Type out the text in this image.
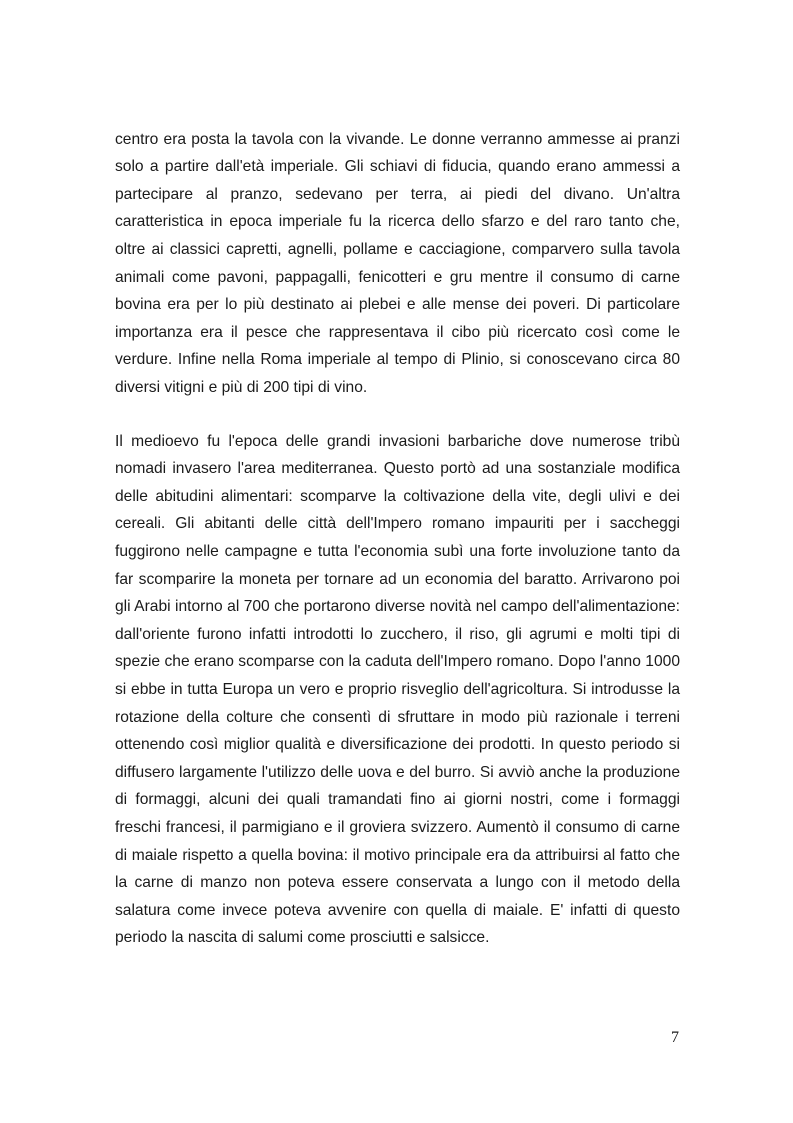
centro era posta la tavola con la vivande. Le donne verranno ammesse ai pranzi solo a partire dall'età imperiale. Gli schiavi di fiducia, quando erano ammessi a partecipare al pranzo, sedevano per terra, ai piedi del divano. Un'altra caratteristica in epoca imperiale fu la ricerca dello sfarzo e del raro tanto che, oltre ai classici capretti, agnelli, pollame e cacciagione, comparvero sulla tavola animali come pavoni, pappagalli, fenicotteri e gru mentre il consumo di carne bovina era per lo più destinato ai plebei e alle mense dei poveri. Di particolare importanza era il pesce che rappresentava il cibo più ricercato così come le verdure. Infine nella Roma imperiale al tempo di Plinio, si conoscevano circa 80 diversi vitigni e più di 200 tipi di vino.

Il medioevo fu l'epoca delle grandi invasioni barbariche dove numerose tribù nomadi invasero l'area mediterranea. Questo portò ad una sostanziale modifica delle abitudini alimentari: scomparve la coltivazione della vite, degli ulivi e dei cereali. Gli abitanti delle città dell'Impero romano impauriti per i saccheggi fuggirono nelle campagne e tutta l'economia subì una forte involuzione tanto da far scomparire la moneta per tornare ad un economia del baratto. Arrivarono poi gli Arabi intorno al 700 che portarono diverse novità nel campo dell'alimentazione: dall'oriente furono infatti introdotti lo zucchero, il riso, gli agrumi e molti tipi di spezie che erano scomparse con la caduta dell'Impero romano. Dopo l'anno 1000 si ebbe in tutta Europa un vero e proprio risveglio dell'agricoltura. Si introdusse la rotazione della colture che consentì di sfruttare in modo più razionale i terreni ottenendo così miglior qualità e diversificazione dei prodotti. In questo periodo si diffusero largamente l'utilizzo delle uova e del burro. Si avviò anche la produzione di formaggi, alcuni dei quali tramandati fino ai giorni nostri, come i formaggi freschi francesi, il parmigiano e il groviera svizzero. Aumentò il consumo di carne di maiale rispetto a quella bovina: il motivo principale era da attribuirsi al fatto che la carne di manzo non poteva essere conservata a lungo con il metodo della salatura come invece poteva avvenire con quella di maiale. E' infatti di questo periodo la nascita di salumi come prosciutti e salsicce.

7
